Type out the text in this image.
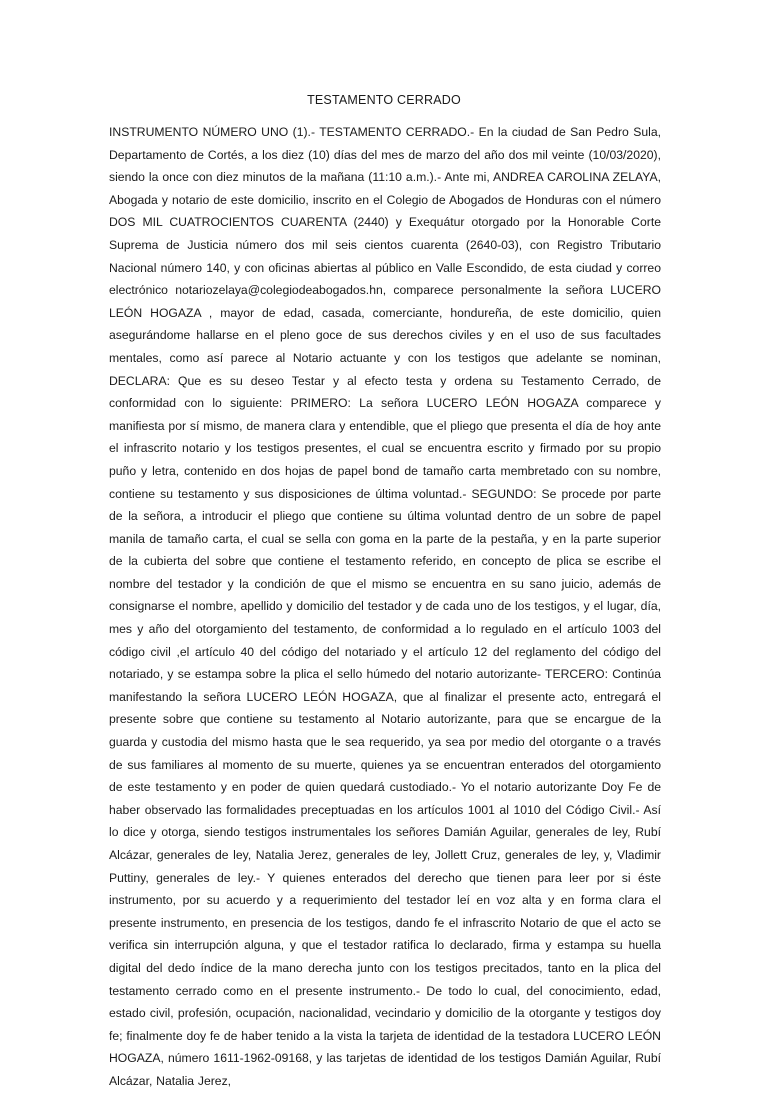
TESTAMENTO CERRADO

INSTRUMENTO NÚMERO UNO (1).- TESTAMENTO CERRADO.- En la ciudad de San Pedro Sula, Departamento de Cortés, a los diez (10) días del mes de marzo del año dos mil veinte (10/03/2020), siendo la once con diez minutos de la mañana (11:10 a.m.).- Ante mi, ANDREA CAROLINA ZELAYA, Abogada y notario de este domicilio, inscrito en el Colegio de Abogados de Honduras con el número DOS MIL CUATROCIENTOS CUARENTA (2440) y Exequátur otorgado por la Honorable Corte Suprema de Justicia número dos mil seis cientos cuarenta (2640-03), con Registro Tributario Nacional número 140, y con oficinas abiertas al público en Valle Escondido, de esta ciudad y correo electrónico notariozelaya@colegiodeabogados.hn, comparece personalmente la señora LUCERO LEÓN HOGAZA , mayor de edad, casada, comerciante, hondureña, de este domicilio, quien asegurándome hallarse en el pleno goce de sus derechos civiles y en el uso de sus facultades mentales, como así parece al Notario actuante y con los testigos que adelante se nominan, DECLARA: Que es su deseo Testar y al efecto testa y ordena su Testamento Cerrado, de conformidad con lo siguiente: PRIMERO: La señora LUCERO LEÓN HOGAZA comparece y manifiesta por sí mismo, de manera clara y entendible, que el pliego que presenta el día de hoy ante el infrascrito notario y los testigos presentes, el cual se encuentra escrito y firmado por su propio puño y letra, contenido en dos hojas de papel bond de tamaño carta membretado con su nombre, contiene su testamento y sus disposiciones de última voluntad.- SEGUNDO: Se procede por parte de la señora, a introducir el pliego que contiene su última voluntad dentro de un sobre de papel manila de tamaño carta, el cual se sella con goma en la parte de la pestaña, y en la parte superior de la cubierta del sobre que contiene el testamento referido, en concepto de plica se escribe el nombre del testador y la condición de que el mismo se encuentra en su sano juicio, además de consignarse el nombre, apellido y domicilio del testador y de cada uno de los testigos, y el lugar, día, mes y año del otorgamiento del testamento, de conformidad a lo regulado en el artículo 1003 del código civil ,el artículo 40 del código del notariado y el artículo 12 del reglamento del código del notariado, y se estampa sobre la plica el sello húmedo del notario autorizante- TERCERO: Continúa manifestando la señora LUCERO LEÓN HOGAZA, que al finalizar el presente acto, entregará el presente sobre que contiene su testamento al Notario autorizante, para que se encargue de la guarda y custodia del mismo hasta que le sea requerido, ya sea por medio del otorgante o a través de sus familiares al momento de su muerte, quienes ya se encuentran enterados del otorgamiento de este testamento y en poder de quien quedará custodiado.- Yo el notario autorizante Doy Fe de haber observado las formalidades preceptuadas en los artículos 1001 al 1010 del Código Civil.- Así lo dice y otorga, siendo testigos instrumentales los señores Damián Aguilar, generales de ley, Rubí Alcázar, generales de ley, Natalia Jerez, generales de ley, Jollett Cruz, generales de ley, y, Vladimir Puttiny, generales de ley.- Y quienes enterados del derecho que tienen para leer por si éste instrumento, por su acuerdo y a requerimiento del testador leí en voz alta y en forma clara el presente instrumento, en presencia de los testigos, dando fe el infrascrito Notario de que el acto se verifica sin interrupción alguna, y que el testador ratifica lo declarado, firma y estampa su huella digital del dedo índice de la mano derecha junto con los testigos precitados, tanto en la plica del testamento cerrado como en el presente instrumento.- De todo lo cual, del conocimiento, edad, estado civil, profesión, ocupación, nacionalidad, vecindario y domicilio de la otorgante y testigos doy fe; finalmente doy fe de haber tenido a la vista la tarjeta de identidad de la testadora LUCERO LEÓN HOGAZA, número 1611-1962-09168, y las tarjetas de identidad de los testigos Damián Aguilar, Rubí Alcázar, Natalia Jerez,
